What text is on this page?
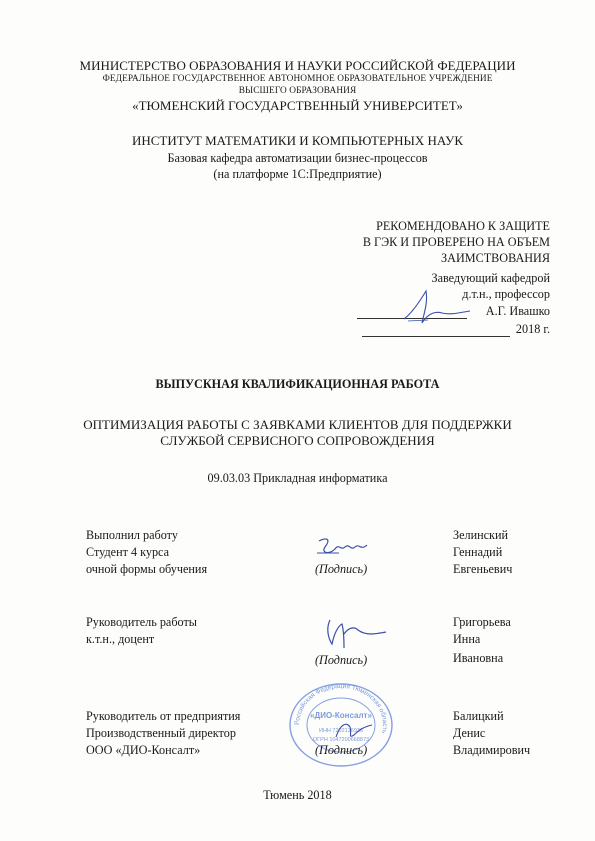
МИНИСТЕРСТВО ОБРАЗОВАНИЯ И НАУКИ РОССИЙСКОЙ ФЕДЕРАЦИИ
ФЕДЕРАЛЬНОЕ ГОСУДАРСТВЕННОЕ АВТОНОМНОЕ ОБРАЗОВАТЕЛЬНОЕ УЧРЕЖДЕНИЕ
ВЫСШЕГО ОБРАЗОВАНИЯ
«ТЮМЕНСКИЙ ГОСУДАРСТВЕННЫЙ УНИВЕРСИТЕТ»
ИНСТИТУТ МАТЕМАТИКИ И КОМПЬЮТЕРНЫХ НАУК
Базовая кафедра автоматизации бизнес-процессов
(на платформе 1С:Предприятие)
РЕКОМЕНДОВАНО К ЗАЩИТЕ
В ГЭК И ПРОВЕРЕНО НА ОБЪЕМ
ЗАИМСТВОВАНИЯ
Заведующий кафедрой
д.т.н., профессор
А.Г. Ивашко
2018 г.
ВЫПУСКНАЯ КВАЛИФИКАЦИОННАЯ РАБОТА
ОПТИМИЗАЦИЯ РАБОТЫ С ЗАЯВКАМИ КЛИЕНТОВ ДЛЯ ПОДДЕРЖКИ
СЛУЖБОЙ СЕРВИСНОГО СОПРОВОЖДЕНИЯ
09.03.03 Прикладная информатика
Выполнил работу
Студент 4 курса
очной формы обучения	(Подпись)
Зелинский
Геннадий
Евгеньевич
Руководитель работы
к.т.н., доцент
(Подпись)
Григорьева
Инна
Ивановна
Российская Федерация Тюменская область
«ДИО-Консалт»
ИНН 7202126936
ОГРН 1047200668873
Руководитель от предприятия
Производственный директор
ООО «ДИО-Консалт»	(Подпись)
Балицкий
Денис
Владимирович
Тюмень 2018
